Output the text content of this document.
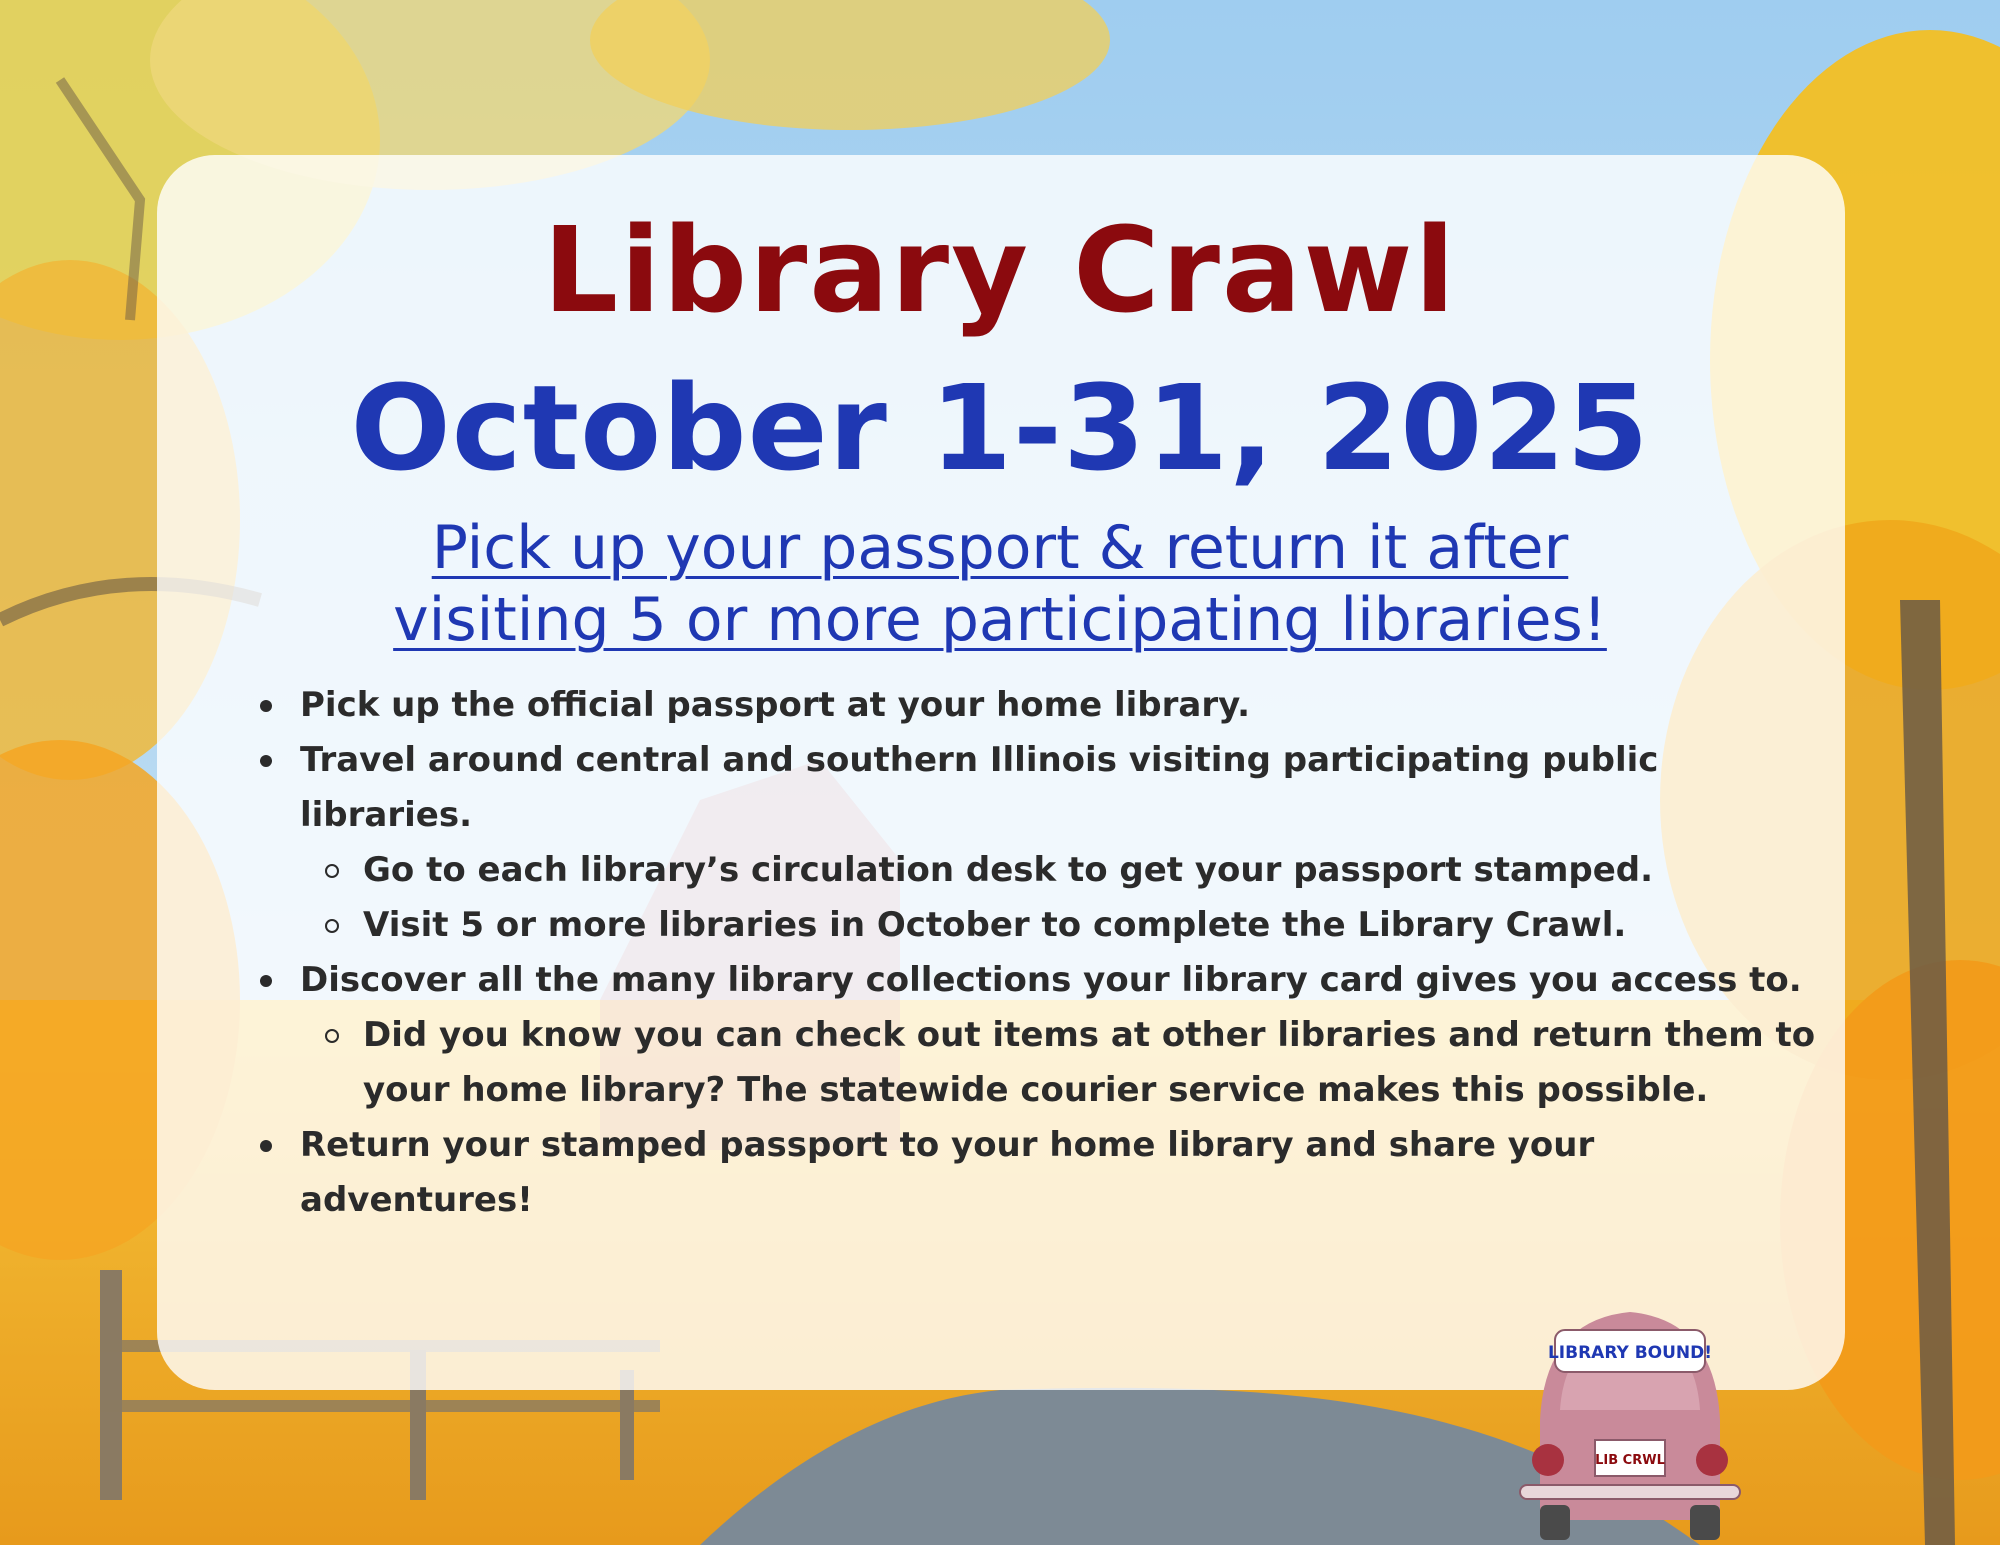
Library Crawl
October 1-31, 2025
Pick up your passport & return it after
visiting 5 or more participating libraries!
Pick up the official passport at your home library.
Travel around central and southern Illinois visiting participating public libraries.
Go to each library’s circulation desk to get your passport stamped.
Visit 5 or more libraries in October to complete the Library Crawl.
Discover all the many library collections your library card gives you access to.
Did you know you can check out items at other libraries and return them to your home library? The statewide courier service makes this possible.
Return your stamped passport to your home library and share your adventures!
LIBRARY BOUND!
LIB CRWL
